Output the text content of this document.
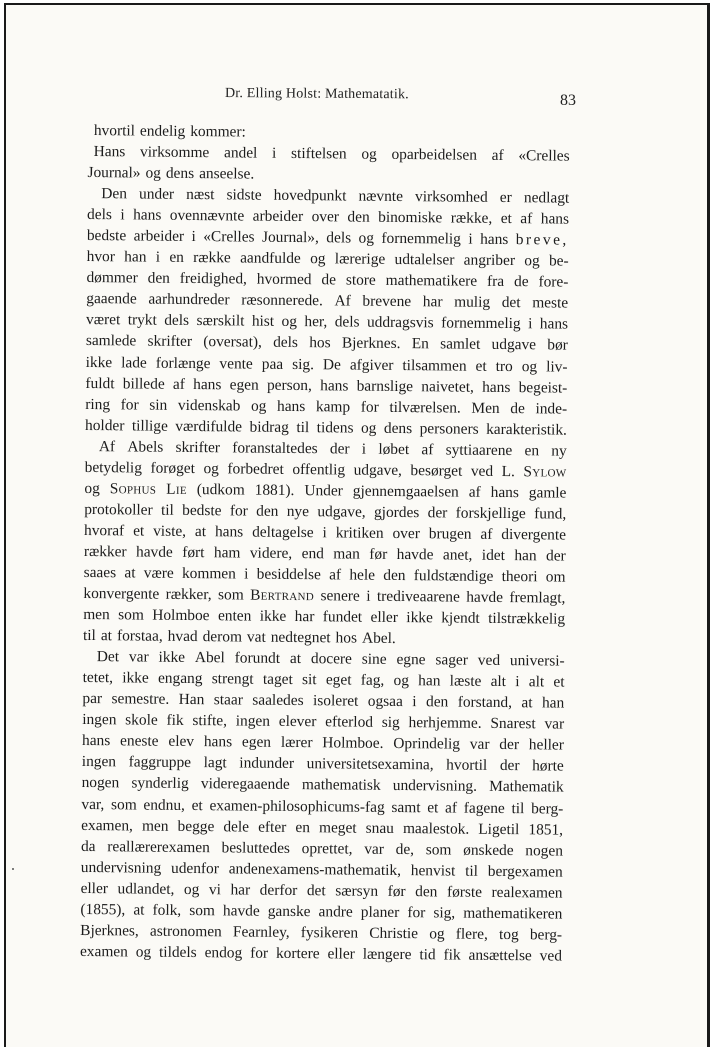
Dr. Elling Holst: Mathematatik.	83
hvortil endelig kommer:
Hans virksomme andel i stiftelsen og oparbeidelsen af «Crelles
Journal» og dens anseelse.
Den under næst sidste hovedpunkt nævnte virksomhed er nedlagt
dels i hans ovennævnte arbeider over den binomiske række, et af hans
bedste arbeider i «Crelles Journal», dels og fornemmelig i hans breve,
hvor han i en række aandfulde og lærerige udtalelser angriber og be-
dømmer den freidighed, hvormed de store mathematikere fra de fore-
gaaende aarhundreder ræsonnerede. Af brevene har mulig det meste
været trykt dels særskilt hist og her, dels uddragsvis fornemmelig i hans
samlede skrifter (oversat), dels hos Bjerknes. En samlet udgave bør
ikke lade forlænge vente paa sig. De afgiver tilsammen et tro og liv-
fuldt billede af hans egen person, hans barnslige naivetet, hans begeist-
ring for sin videnskab og hans kamp for tilværelsen. Men de inde-
holder tillige værdifulde bidrag til tidens og dens personers karakteristik.
Af Abels skrifter foranstaltedes der i løbet af syttiaarene en ny
betydelig forøget og forbedret offentlig udgave, besørget ved L. Sylow
og Sophus Lie (udkom 1881). Under gjennemgaaelsen af hans gamle
protokoller til bedste for den nye udgave, gjordes der forskjellige fund,
hvoraf et viste, at hans deltagelse i kritiken over brugen af divergente
rækker havde ført ham videre, end man før havde anet, idet han der
saaes at være kommen i besiddelse af hele den fuldstændige theori om
konvergente rækker, som Bertrand senere i trediveaarene havde fremlagt,
men som Holmboe enten ikke har fundet eller ikke kjendt tilstrækkelig
til at forstaa, hvad derom vat nedtegnet hos Abel.
Det var ikke Abel forundt at docere sine egne sager ved universi-
tetet, ikke engang strengt taget sit eget fag, og han læste alt i alt et
par semestre. Han staar saaledes isoleret ogsaa i den forstand, at han
ingen skole fik stifte, ingen elever efterlod sig herhjemme. Snarest var
hans eneste elev hans egen lærer Holmboe. Oprindelig var der heller
ingen faggruppe lagt indunder universitetsexamina, hvortil der hørte
nogen synderlig videregaaende mathematisk undervisning. Mathematik
var, som endnu, et examen-philosophicums-fag samt et af fagene til berg-
examen, men begge dele efter en meget snau maalestok. Ligetil 1851,
da reallærerexamen besluttedes oprettet, var de, som ønskede nogen
undervisning udenfor andenexamens-mathematik, henvist til bergexamen
eller udlandet, og vi har derfor det særsyn før den første realexamen
(1855), at folk, som havde ganske andre planer for sig, mathematikeren
Bjerknes, astronomen Fearnley, fysikeren Christie og flere, tog berg-
examen og tildels endog for kortere eller længere tid fik ansættelse ved
